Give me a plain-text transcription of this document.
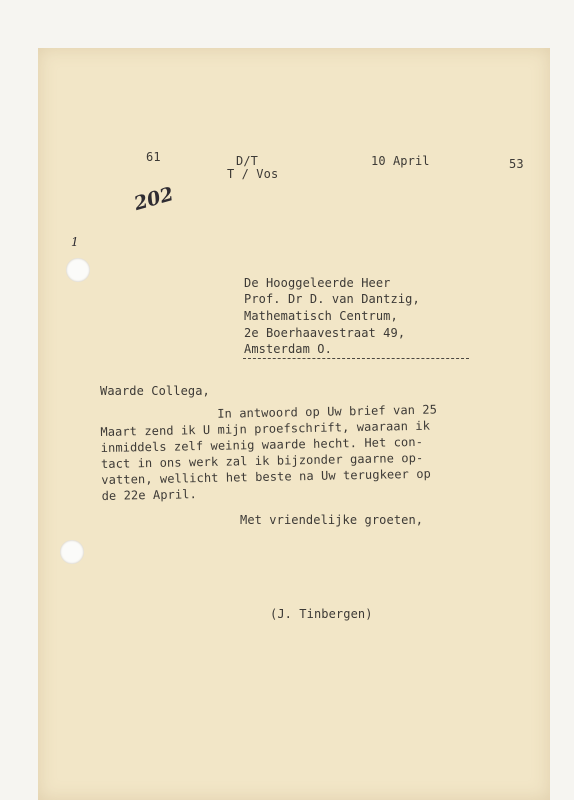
61	D/T
T / Vos
10 April	53
202
1
De Hooggeleerde Heer
Prof. Dr D. van Dantzig,
Mathematisch Centrum,
2e Boerhaavestraat 49,
Amsterdam O.
Waarde Collega,
In antwoord op Uw brief van 25
Maart zend ik U mijn proefschrift, waaraan ik
inmiddels zelf weinig waarde hecht. Het con-
tact in ons werk zal ik bijzonder gaarne op-
vatten, wellicht het beste na Uw terugkeer op
de 22e April.
Met vriendelijke groeten,
(J. Tinbergen)
